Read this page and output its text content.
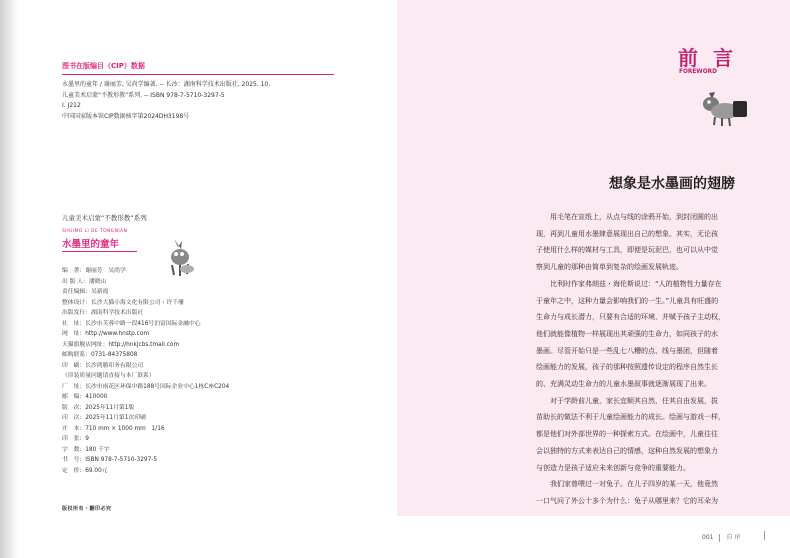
图书在版编目（CIP）数据
水墨里的童年 / 谢丽芳, 吴尚学编著. -- 长沙：湖南科学技术出版社, 2025. 10.
儿童美术启蒙“不教形教”系列. -- ISBN 978-7-5710-3297-5
Ⅰ. J212
中国国家版本馆CIP数据核字第2024DH3198号
儿童美术启蒙“不教形教”系列
SHUIMO LI DE TONGNIAN
水墨里的童年
编　著：谢丽芳　吴尚学
出 版 人：潘晓山
责任编辑：吴新霞
整体设计：长沙大猫小海文化有限公司・许千珊
出版发行：湖南科学技术出版社
社　址：长沙市芙蓉中路一段416号泊富国际金融中心
网　址：http://www.hnstp.com
天猫旗舰店网址：http://hnkjcbs.tmall.com
邮购联系：0731-84375808
印　刷：长沙鸿勝印务有限公司
（印装质量问题请直接与本厂联系）
厂　址：长沙市雨花区环保中路188号国际企业中心1栋C座C204
邮　编：410000
版　次：2025年11月第1版
印　次：2025年11月第1次印刷
开　本：710 mm × 1000 mm　1/16
印　张：9
字　数：180 千字
书　号：ISBN 978-7-5710-3297-5
定　价：69.00元
版权所有・翻印必究
前 言
FOREWORD
想象是水墨画的翅膀
用毛笔在宣纸上，从点与线的涂鸦开始，到封闭圆的出
现，再到儿童用水墨肆意展现出自己的想象。其实，无论孩
子使用什么样的媒材与工具，即便是玩泥巴，也可以从中觉
察到儿童的那种由简单到复杂的绘画发展轨迹。
比利时作家弗朗兹・海伦斯说过：“人的植物性力量存在
于童年之中，这种力量会影响我们的一生。”儿童具有旺盛的
生命力与成长潜力，只要有合适的环境，并赋予孩子主动权，
他们就能像植物一样展现出其顽强的生命力，如同孩子的水
墨画。尽管开始只是一些乱七八糟的点、线与墨团，但随着
绘画能力的发展，孩子的那种按照遗传设定的程序自然生长
的、充满灵动生命力的儿童水墨叙事就逐渐展现了出来。
对于学龄前儿童，家长宜顺其自然，任其自由发展，拔
苗助长的做法不利于儿童绘画能力的成长。绘画与游戏一样，
都是他们对外部世界的一种探索方式。在绘画中，儿童往往
会以独特的方式来表达自己的情感，这种自然发展的想象力
与创造力是孩子适应未来创新与竞争的重要能力。
我们家曾喂过一对兔子。在儿子四岁的某一天，他竟然
一口气问了外公十多个为什么：兔子从哪里来？它的耳朵为
001 自 序
